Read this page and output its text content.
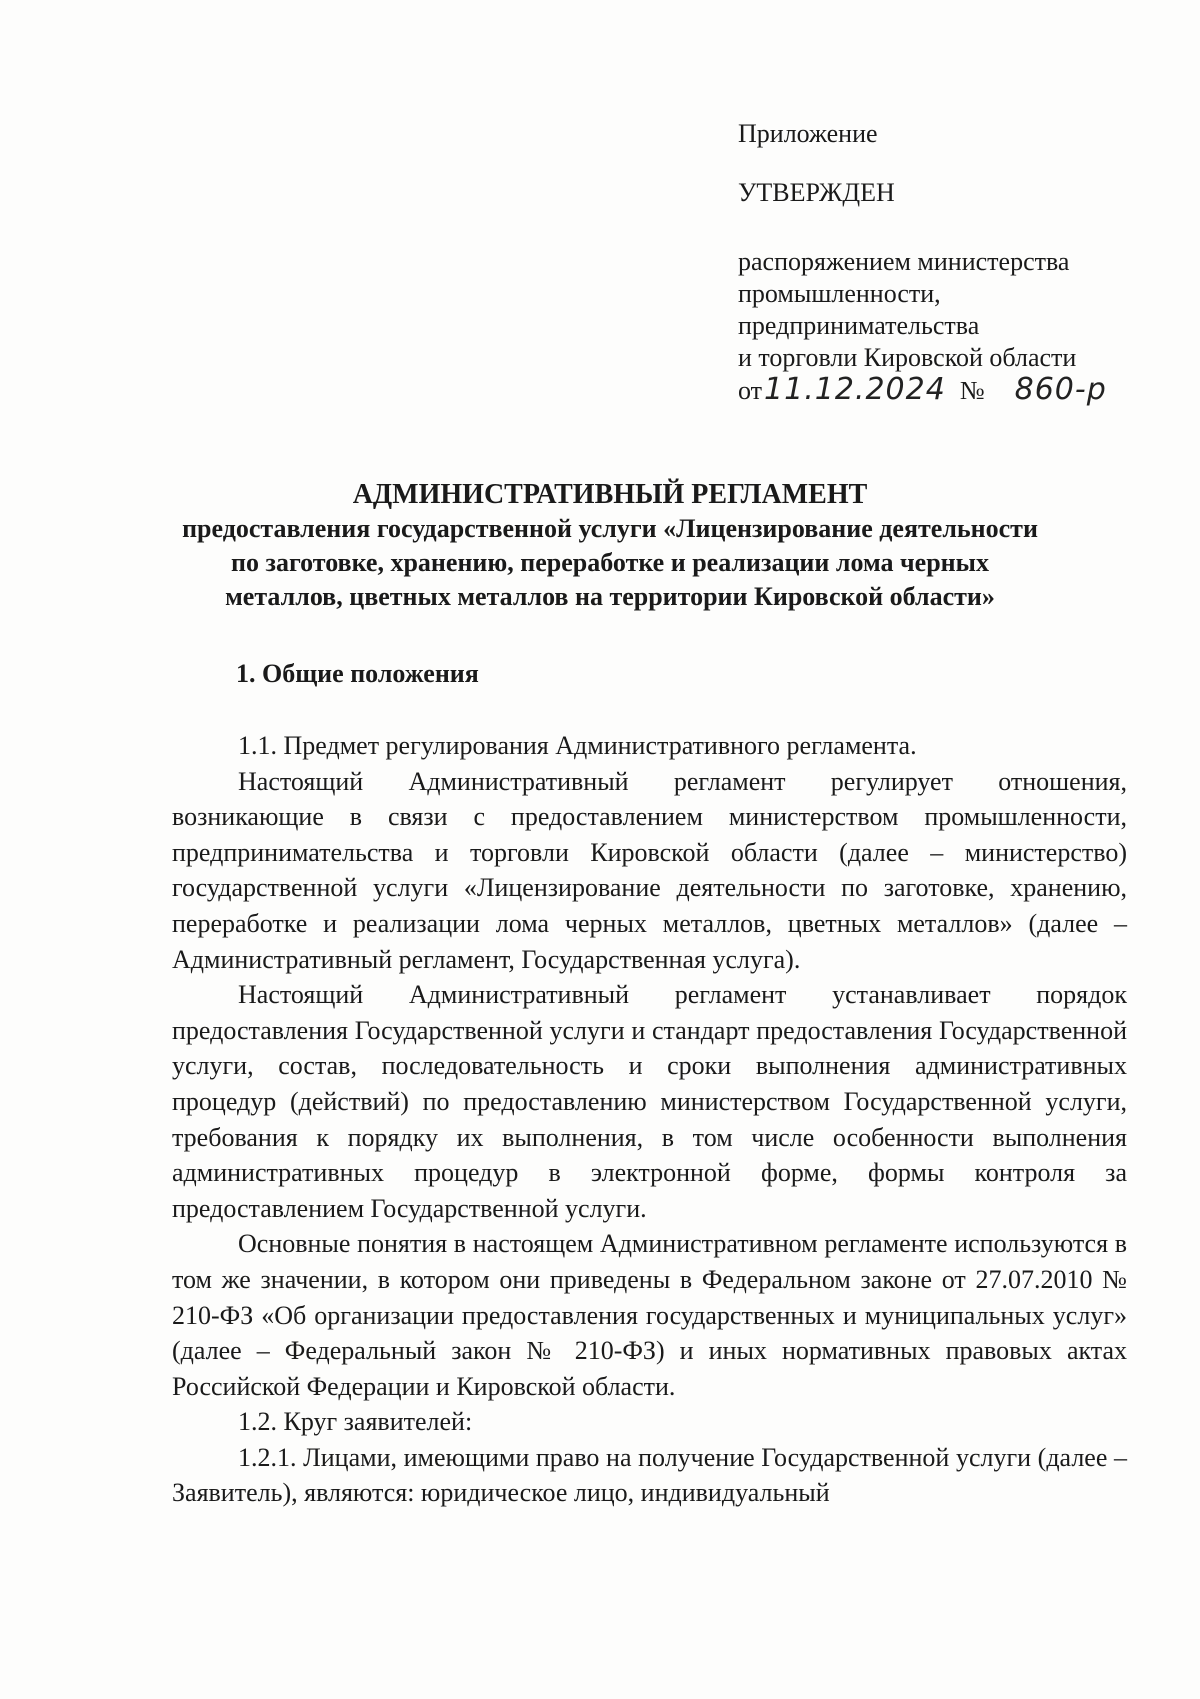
Приложение
УТВЕРЖДЕН
распоряжением министерства
промышленности,
предпринимательства
и торговли Кировской области
от 11.12.2024 № 860-р
АДМИНИСТРАТИВНЫЙ РЕГЛАМЕНТ
предоставления государственной услуги «Лицензирование деятельности
по заготовке, хранению, переработке и реализации лома черных
металлов, цветных металлов на территории Кировской области»
1. Общие положения

1.1. Предмет регулирования Административного регламента.

Настоящий Административный регламент регулирует отношения, возникающие в связи с предоставлением министерством промышленности, предпринимательства и торговли Кировской области (далее – министерство) государственной услуги «Лицензирование деятельности по заготовке, хранению, переработке и реализации лома черных металлов, цветных металлов» (далее – Административный регламент, Государственная услуга).

Настоящий Административный регламент устанавливает порядок предоставления Государственной услуги и стандарт предоставления Государственной услуги, состав, последовательность и сроки выполнения административных процедур (действий) по предоставлению министерством Государственной услуги, требования к порядку их выполнения, в том числе особенности выполнения административных процедур в электронной форме, формы контроля за предоставлением Государственной услуги.

Основные понятия в настоящем Административном регламенте используются в том же значении, в котором они приведены в Федеральном законе от 27.07.2010 № 210-ФЗ «Об организации предоставления государственных и муниципальных услуг» (далее – Федеральный закон № 210-ФЗ) и иных нормативных правовых актах Российской Федерации и Кировской области.

1.2. Круг заявителей:

1.2.1. Лицами, имеющими право на получение Государственной услуги (далее –Заявитель), являются: юридическое лицо, индивидуальный
